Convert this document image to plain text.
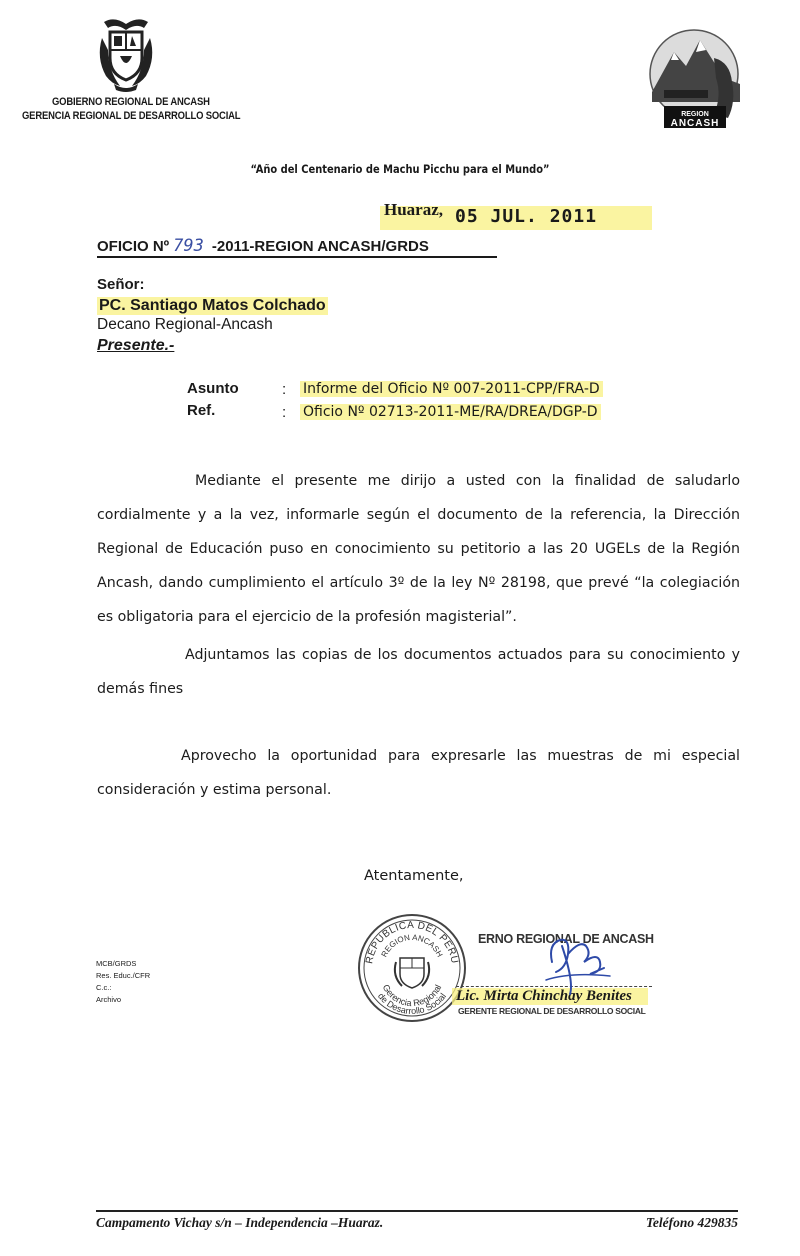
GOBIERNO REGIONAL DE ANCASH
GERENCIA REGIONAL DE DESARROLLO SOCIAL	REGION
ANCASH
“Año del Centenario de Machu Picchu para el Mundo”
Huaraz, 05 JUL. 2011
OFICIO Nº 793 -2011-REGION ANCASH/GRDS
Señor:
PC. Santiago Matos Colchado
Decano Regional-Ancash
Presente.-
Asunto	: Informe del Oficio Nº 007-2011-CPP/FRA-D
Ref.	: Oficio Nº 02713-2011-ME/RA/DREA/DGP-D
Mediante el presente me dirijo a usted con la finalidad de saludarlo cordialmente y a la vez, informarle según el documento de la referencia, la Dirección Regional de Educación puso en conocimiento su petitorio a las 20 UGELs de la Región Ancash, dando cumplimiento el artículo 3º de la ley Nº 28198, que prevé “la colegiación es obligatoria para el ejercicio de la profesión magisterial”.
Adjuntamos las copias de los documentos actuados para su conocimiento y demás fines
Aprovecho la oportunidad para expresarle las muestras de mi especial consideración y estima personal.
Atentamente,
MCB/GRDS
Res. Educ./CFR
C.c.:
Archivo
REPUBLICA DEL PERU
REGION ANCASH
Gerencia Regional
de Desarrollo Social
ERNO REGIONAL DE ANCASH
Lic. Mirta Chinchay Benites
GERENTE REGIONAL DE DESARROLLO SOCIAL
Campamento Vichay s/n – Independencia –Huaraz.	Teléfono 429835
